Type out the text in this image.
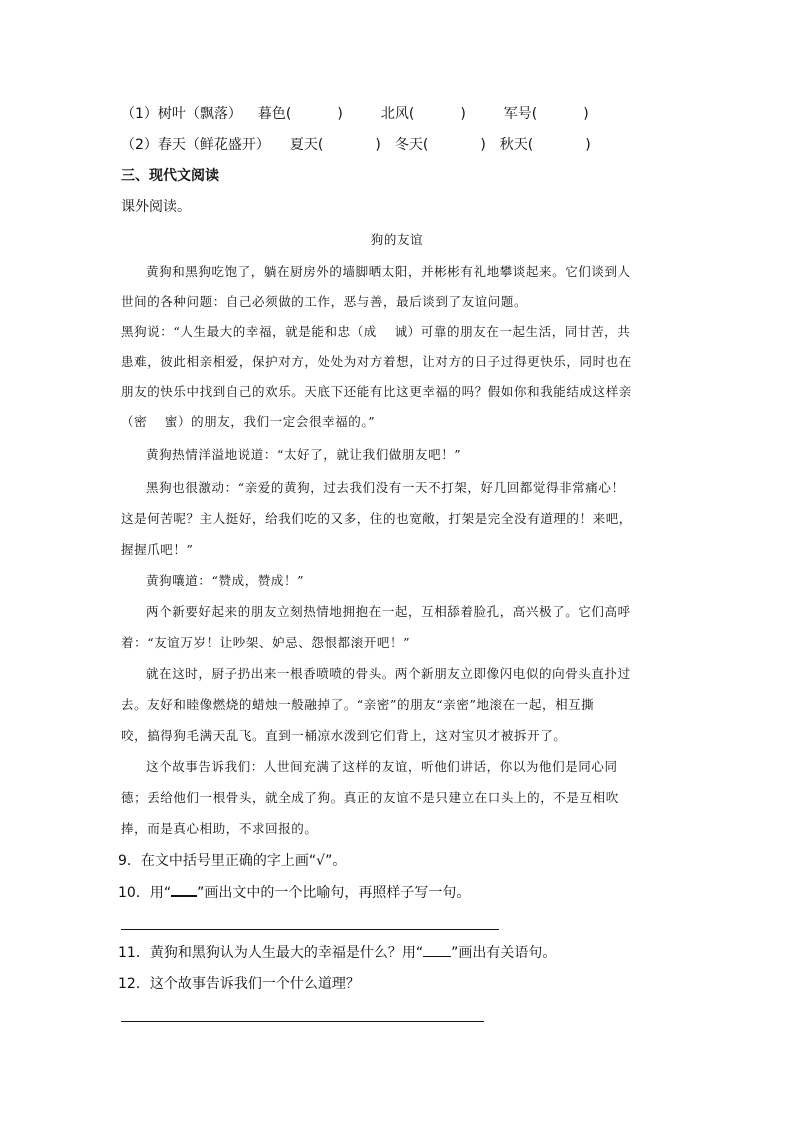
（1）树叶（飘落） 暮色(	)	北风(	)	军号(	)
（2）春天（鲜花盛开） 夏天(	) 冬天(	) 秋天(	)
三、现代文阅读
课外阅读。
狗的友谊
黄狗和黑狗吃饱了，躺在厨房外的墙脚晒太阳，并彬彬有礼地攀谈起来。它们谈到人
世间的各种问题：自己必须做的工作，恶与善，最后谈到了友谊问题。
黑狗说：“人生最大的幸福，就是能和忠（成　 诚）可靠的朋友在一起生活，同甘苦，共
患难，彼此相亲相爱，保护对方，处处为对方着想，让对方的日子过得更快乐，同时也在
朋友的快乐中找到自己的欢乐。天底下还能有比这更幸福的吗？假如你和我能结成这样亲
（密　 蜜）的朋友，我们一定会很幸福的。”
黄狗热情洋溢地说道：“太好了，就让我们做朋友吧！”
黑狗也很激动：“亲爱的黄狗，过去我们没有一天不打架，好几回都觉得非常痛心！
这是何苦呢？主人挺好，给我们吃的又多，住的也宽敞，打架是完全没有道理的！来吧，
握握爪吧！”
黄狗嚷道：“赞成，赞成！”
两个新要好起来的朋友立刻热情地拥抱在一起，互相舔着脸孔，高兴极了。它们高呼
着：“友谊万岁！让吵架、妒忌、怨恨都滚开吧！”
就在这时，厨子扔出来一根香喷喷的骨头。两个新朋友立即像闪电似的向骨头直扑过
去。友好和睦像燃烧的蜡烛一般融掉了。“亲密”的朋友“亲密”地滚在一起，相互撕
咬，搞得狗毛满天乱飞。直到一桶凉水泼到它们背上，这对宝贝才被拆开了。
这个故事告诉我们：人世间充满了这样的友谊，听他们讲话，你以为他们是同心同
德；丢给他们一根骨头，就全成了狗。真正的友谊不是只建立在口头上的，不是互相吹
捧，而是真心相助，不求回报的。
9．在文中括号里正确的字上画“√”。
10．用“ ”画出文中的一个比喻句，再照样子写一句。
11．黄狗和黑狗认为人生最大的幸福是什么？用“ ”画出有关语句。
12．这个故事告诉我们一个什么道理？
